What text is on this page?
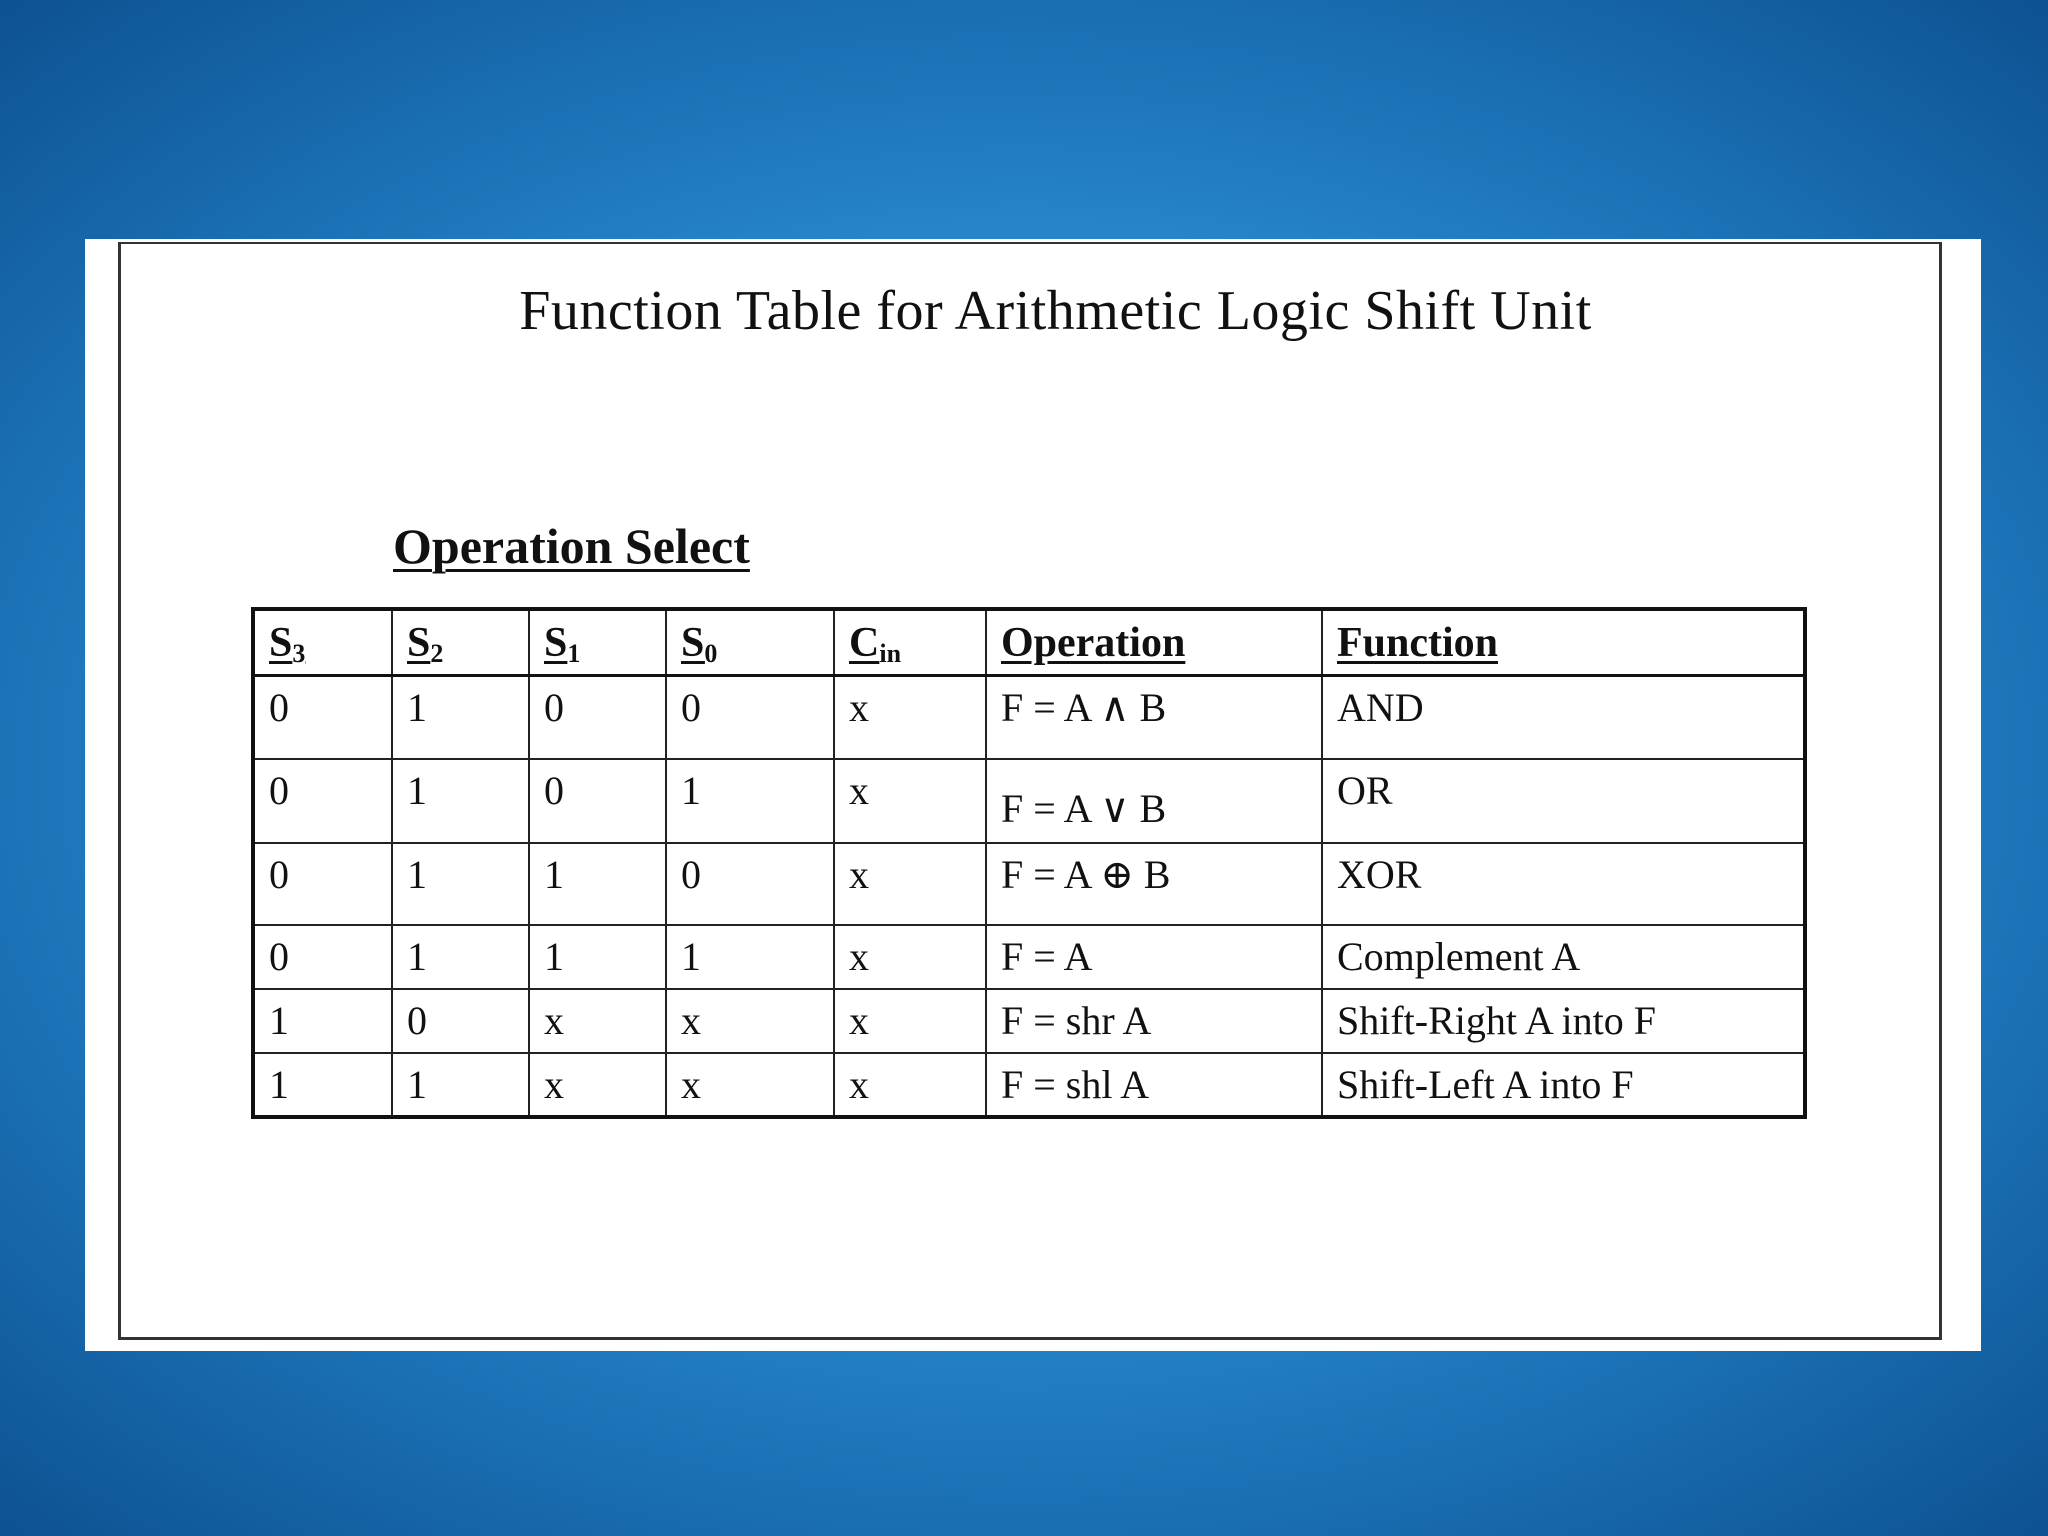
Function Table for Arithmetic Logic Shift Unit
Operation Select
$S_3$	$S_2$	$S_1$	$S_0$	$C_{in}$	Operation	Function
0	1	0	0	x	F = A ∧ B	AND
0	1	0	1	x	F = A ∨ B	OR
0	1	1	0	x	F = A ⊕ B	XOR
0	1	1	1	x	F = A	Complement A
1	0	x	x	x	F = shr A	Shift-Right A into F
1	1	x	x	x	F = shl A	Shift-Left A into F
